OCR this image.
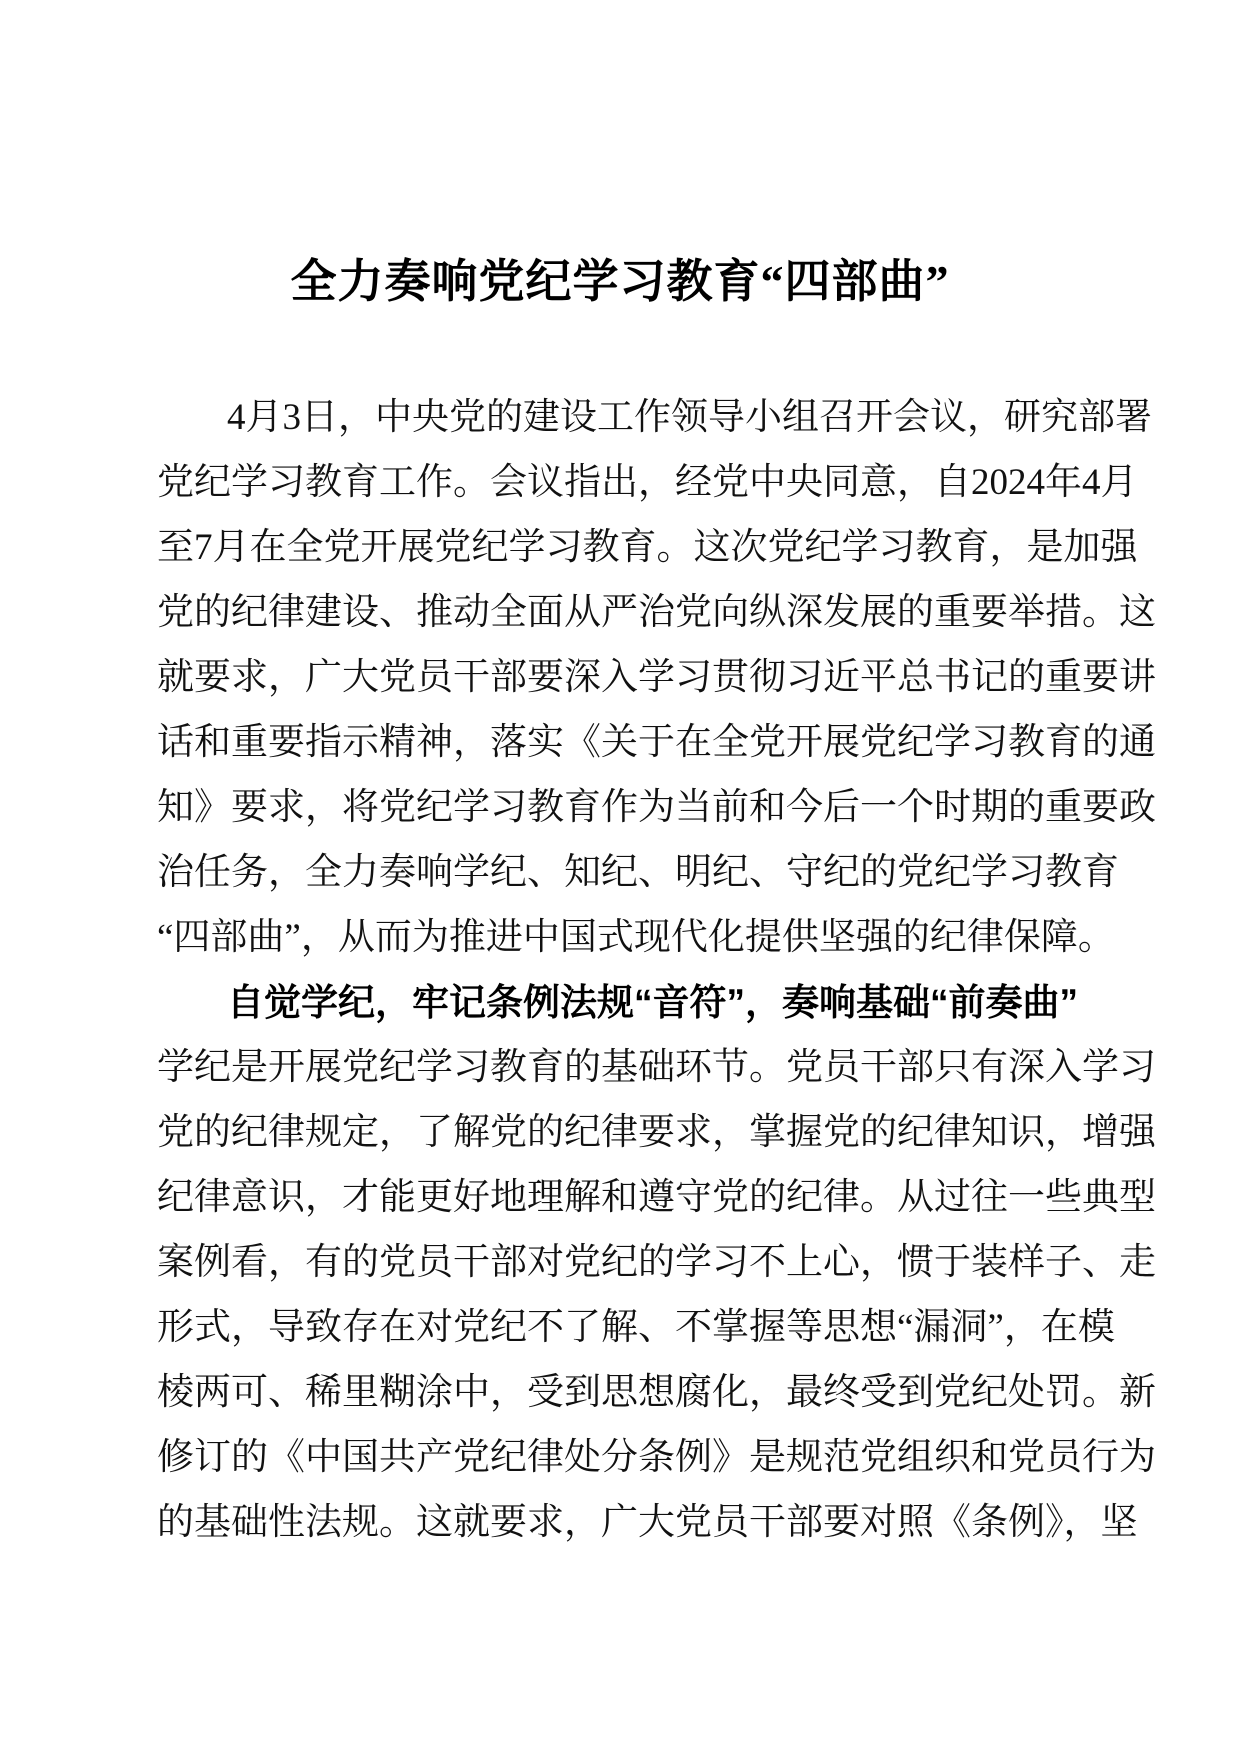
全力奏响党纪学习教育“四部曲”
4月3日，中央党的建设工作领导小组召开会议，研究部署
党纪学习教育工作。会议指出，经党中央同意，自2024年4月
至7月在全党开展党纪学习教育。这次党纪学习教育，是加强
党的纪律建设、推动全面从严治党向纵深发展的重要举措。这
就要求，广大党员干部要深入学习贯彻习近平总书记的重要讲
话和重要指示精神，落实《关于在全党开展党纪学习教育的通
知》要求，将党纪学习教育作为当前和今后一个时期的重要政
治任务，全力奏响学纪、知纪、明纪、守纪的党纪学习教育
“四部曲”，从而为推进中国式现代化提供坚强的纪律保障。
自觉学纪，牢记条例法规“音符”，奏响基础“前奏曲”
学纪是开展党纪学习教育的基础环节。党员干部只有深入学习
党的纪律规定，了解党的纪律要求，掌握党的纪律知识，增强
纪律意识，才能更好地理解和遵守党的纪律。从过往一些典型
案例看，有的党员干部对党纪的学习不上心，惯于装样子、走
形式，导致存在对党纪不了解、不掌握等思想“漏洞”，在模
棱两可、稀里糊涂中，受到思想腐化，最终受到党纪处罚。新
修订的《中国共产党纪律处分条例》是规范党组织和党员行为
的基础性法规。这就要求，广大党员干部要对照《条例》，坚
